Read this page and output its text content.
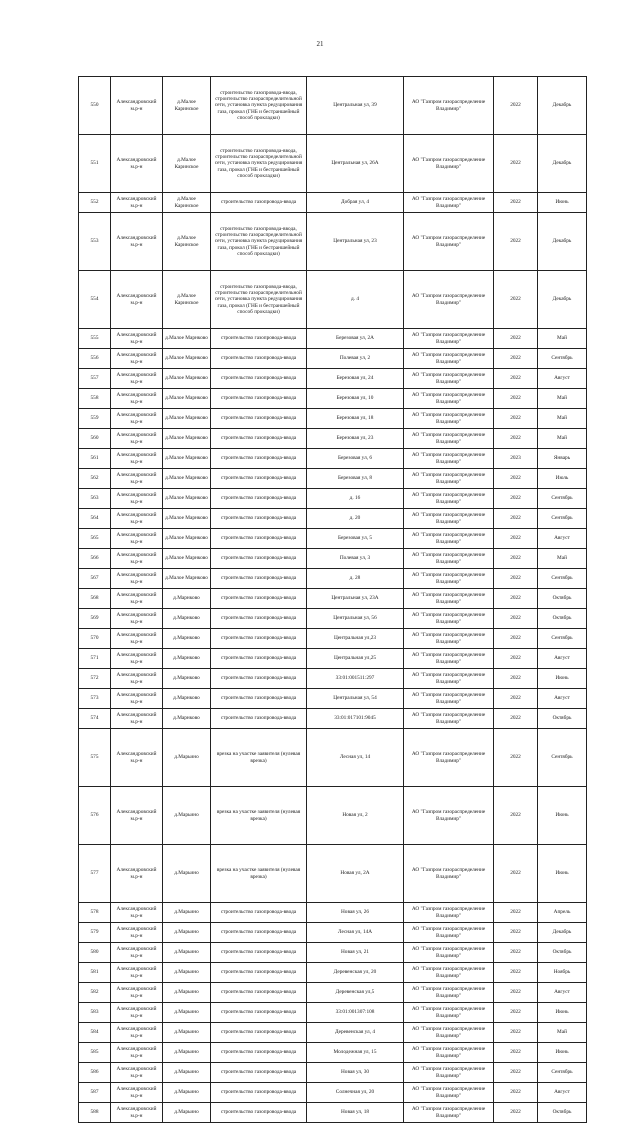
21
550	Александровский м.р-н	д.Малое Каринское	строительство газопровода-ввода, строительство газораспределительной сети, установка пункта редуцирования газа, прокол (ГНБ и бестраншейный способ прокладки)	Центральная ул, 39	АО "Газпром газораспределение Владимир"	2022	Декабрь
551	Александровский м.р-н	д.Малое Каринское	строительство газопровода-ввода, строительство газораспределительной сети, установка пункта редуцирования газа, прокол (ГНБ и бестраншейный способ прокладки)	Центральная ул, 26А	АО "Газпром газораспределение Владимир"	2022	Декабрь
552	Александровский м.р-н	д.Малое Каринское	строительство газопровода-ввода	Добрая ул, 4	АО "Газпром газораспределение Владимир"	2022	Июнь
553	Александровский м.р-н	д.Малое Каринское	строительство газопровода-ввода, строительство газораспределительной сети, установка пункта редуцирования газа, прокол (ГНБ и бестраншейный способ прокладки)	Центральная ул, 23	АО "Газпром газораспределение Владимир"	2022	Декабрь
554	Александровский м.р-н	д.Малое Каринское	строительство газопровода-ввода, строительство газораспределительной сети, установка пункта редуцирования газа, прокол (ГНБ и бестраншейный способ прокладки)	д. 4	АО "Газпром газораспределение Владимир"	2022	Декабрь
555	Александровский м.р-н	д.Малое Марнково	строительство газопровода-ввода	Березовая ул, 2А	АО "Газпром газораспределение Владимир"	2022	Май
556	Александровский м.р-н	д.Малое Марнково	строительство газопровода-ввода	Полевая ул, 2	АО "Газпром газораспределение Владимир"	2022	Сентябрь
557	Александровский м.р-н	д.Малое Марнково	строительство газопровода-ввода	Березовая ул, 24	АО "Газпром газораспределение Владимир"	2022	Август
558	Александровский м.р-н	д.Малое Марнково	строительство газопровода-ввода	Березовая ул, 10	АО "Газпром газораспределение Владимир"	2022	Май
559	Александровский м.р-н	д.Малое Марнково	строительство газопровода-ввода	Березовая ул, 18	АО "Газпром газораспределение Владимир"	2022	Май
560	Александровский м.р-н	д.Малое Марнково	строительство газопровода-ввода	Березовая ул, 23	АО "Газпром газораспределение Владимир"	2022	Май
561	Александровский м.р-н	д.Малое Марнково	строительство газопровода-ввода	Березовая ул, 6	АО "Газпром газораспределение Владимир"	2023	Январь
562	Александровский м.р-н	д.Малое Марнково	строительство газопровода-ввода	Березовая ул, 8	АО "Газпром газораспределение Владимир"	2022	Июль
563	Александровский м.р-н	д.Малое Марнково	строительство газопровода-ввода	д. 16	АО "Газпром газораспределение Владимир"	2022	Сентябрь
564	Александровский м.р-н	д.Малое Марнково	строительство газопровода-ввода	д. 20	АО "Газпром газораспределение Владимир"	2022	Сентябрь
565	Александровский м.р-н	д.Малое Марнково	строительство газопровода-ввода	Березовая ул, 5	АО "Газпром газораспределение Владимир"	2022	Август
566	Александровский м.р-н	д.Малое Марнково	строительство газопровода-ввода	Полевая ул, 3	АО "Газпром газораспределение Владимир"	2022	Май
567	Александровский м.р-н	д.Малое Марнково	строительство газопровода-ввода	д. 28	АО "Газпром газораспределение Владимир"	2022	Сентябрь
568	Александровский м.р-н	д.Марнково	строительство газопровода-ввода	Центральная ул, 23А	АО "Газпром газораспределение Владимир"	2022	Октябрь
569	Александровский м.р-н	д.Марнково	строительство газопровода-ввода	Центральная ул, 56	АО "Газпром газораспределение Владимир"	2022	Октябрь
570	Александровский м.р-н	д.Марнково	строительство газопровода-ввода	Центральная ул,23	АО "Газпром газораспределение Владимир"	2022	Сентябрь
571	Александровский м.р-н	д.Марнково	строительство газопровода-ввода	Центральная ул,25	АО "Газпром газораспределение Владимир"	2022	Август
572	Александровский м.р-н	д.Марнково	строительство газопровода-ввода	33:01:001511:297	АО "Газпром газораспределение Владимир"	2022	Июнь
573	Александровский м.р-н	д.Марнково	строительство газопровода-ввода	Центральная ул, 54	АО "Газпром газораспределение Владимир"	2022	Август
574	Александровский м.р-н	д.Марнково	строительство газопровода-ввода	33:01:017101:9045	АО "Газпром газораспределение Владимир"	2022	Октябрь
575	Александровский м.р-н	д.Марьино	врезка на участке заявителя (нулевая врезка)	Лесная ул, 14	АО "Газпром газораспределение Владимир"	2022	Сентябрь
576	Александровский м.р-н	д.Марьино	врезка на участке заявителя (нулевая врезка)	Новая ул, 2	АО "Газпром газораспределение Владимир"	2022	Июнь
577	Александровский м.р-н	д.Марьино	врезка на участке заявителя (нулевая врезка)	Новая ул, 2А	АО "Газпром газораспределение Владимир"	2022	Июнь
578	Александровский м.р-н	д.Марьино	строительство газопровода-ввода	Новая ул, 26	АО "Газпром газораспределение Владимир"	2022	Апрель
579	Александровский м.р-н	д.Марьино	строительство газопровода-ввода	Лесная ул, 14А	АО "Газпром газораспределение Владимир"	2022	Декабрь
580	Александровский м.р-н	д.Марьино	строительство газопровода-ввода	Новая ул, 21	АО "Газпром газораспределение Владимир"	2022	Октябрь
581	Александровский м.р-н	д.Марьино	строительство газопровода-ввода	Деревенская ул, 20	АО "Газпром газораспределение Владимир"	2022	Ноябрь
582	Александровский м.р-н	д.Марьино	строительство газопровода-ввода	Деревенская ул,5	АО "Газпром газораспределение Владимир"	2022	Август
583	Александровский м.р-н	д.Марьино	строительство газопровода-ввода	33:01:001307:108	АО "Газпром газораспределение Владимир"	2022	Июнь
584	Александровский м.р-н	д.Марьино	строительство газопровода-ввода	Деревенская ул, 4	АО "Газпром газораспределение Владимир"	2022	Май
585	Александровский м.р-н	д.Марьино	строительство газопровода-ввода	Молодежная ул, 15	АО "Газпром газораспределение Владимир"	2022	Июнь
586	Александровский м.р-н	д.Марьино	строительство газопровода-ввода	Новая ул, 30	АО "Газпром газораспределение Владимир"	2022	Сентябрь
587	Александровский м.р-н	д.Марьино	строительство газопровода-ввода	Солнечная ул, 20	АО "Газпром газораспределение Владимир"	2022	Август
588	Александровский м.р-н	д.Марьино	строительство газопровода-ввода	Новая ул, 18	АО "Газпром газораспределение Владимир"	2022	Октябрь
